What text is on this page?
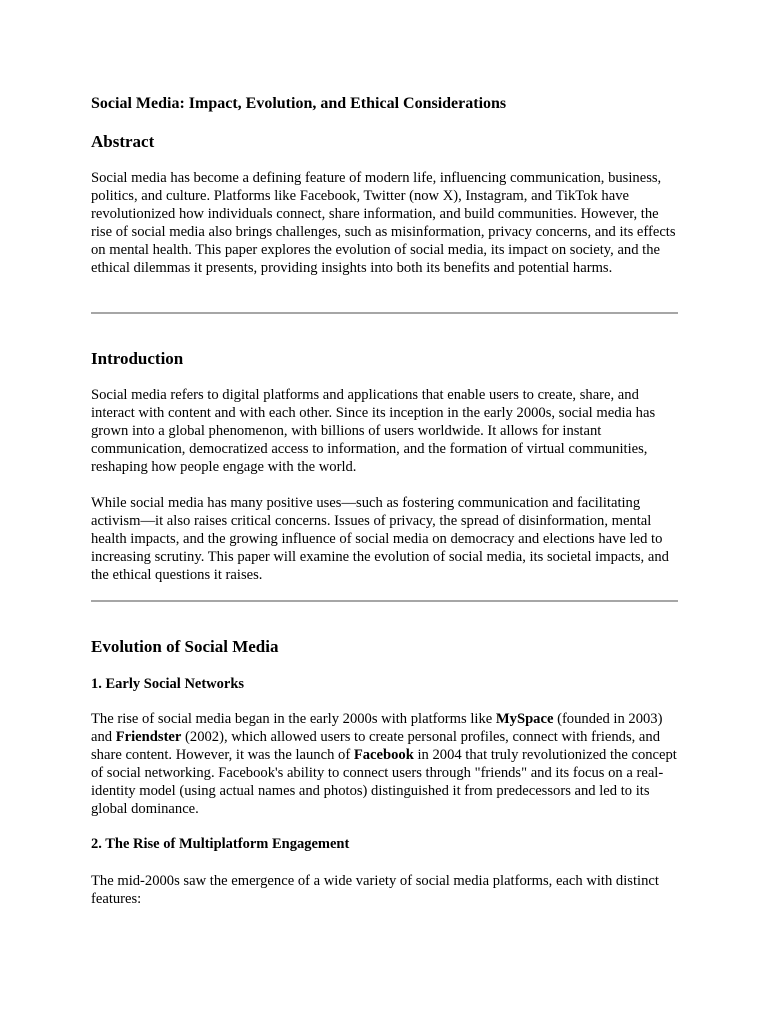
Social Media: Impact, Evolution, and Ethical Considerations
Abstract

Social media has become a defining feature of modern life, influencing communication, business, politics, and culture. Platforms like Facebook, Twitter (now X), Instagram, and TikTok have revolutionized how individuals connect, share information, and build communities. However, the rise of social media also brings challenges, such as misinformation, privacy concerns, and its effects on mental health. This paper explores the evolution of social media, its impact on society, and the ethical dilemmas it presents, providing insights into both its benefits and potential harms.

Introduction

Social media refers to digital platforms and applications that enable users to create, share, and interact with content and with each other. Since its inception in the early 2000s, social media has grown into a global phenomenon, with billions of users worldwide. It allows for instant communication, democratized access to information, and the formation of virtual communities, reshaping how people engage with the world.

While social media has many positive uses—such as fostering communication and facilitating activism—it also raises critical concerns. Issues of privacy, the spread of disinformation, mental health impacts, and the growing influence of social media on democracy and elections have led to increasing scrutiny. This paper will examine the evolution of social media, its societal impacts, and the ethical questions it raises.

Evolution of Social Media
1. Early Social Networks

The rise of social media began in the early 2000s with platforms like MySpace (founded in 2003) and Friendster (2002), which allowed users to create personal profiles, connect with friends, and share content. However, it was the launch of Facebook in 2004 that truly revolutionized the concept of social networking. Facebook's ability to connect users through "friends" and its focus on a real-identity model (using actual names and photos) distinguished it from predecessors and led to its global dominance.

2. The Rise of Multiplatform Engagement

The mid-2000s saw the emergence of a wide variety of social media platforms, each with distinct features:
